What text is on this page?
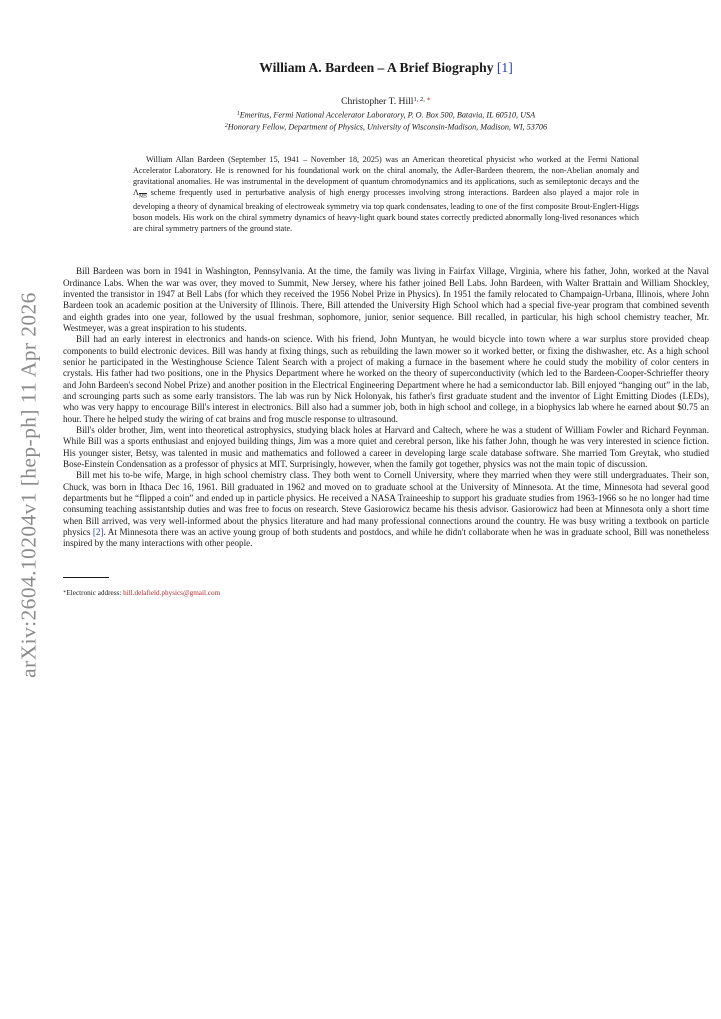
arXiv:2604.10204v1 [hep-ph] 11 Apr 2026
William A. Bardeen – A Brief Biography [1]
Christopher T. Hill$^{1, 2, ∗}$
$^1$Emeritus, Fermi National Accelerator Laboratory, P. O. Box 500, Batavia, IL 60510, USA
$^2$Honorary Fellow, Department of Physics, University of Wisconsin-Madison, Madison, WI, 53706
William Allan Bardeen (September 15, 1941 – November 18, 2025) was an American theoretical physicist who worked at the Fermi National Accelerator Laboratory. He is renowned for his foundational work on the chiral anomaly, the Adler-Bardeen theorem, the non-Abelian anomaly and gravitational anomalies. He was instrumental in the development of quantum chromodynamics and its applications, such as semileptonic decays and the $\Lambda_{\overline{MS}}$ scheme frequently used in perturbative analysis of high energy processes involving strong interactions. Bardeen also played a major role in developing a theory of dynamical breaking of electroweak symmetry via top quark condensates, leading to one of the first composite Brout-Englert-Higgs boson models. His work on the chiral symmetry dynamics of heavy-light quark bound states correctly predicted abnormally long-lived resonances which are chiral symmetry partners of the ground state.

Bill Bardeen was born in 1941 in Washington, Pennsylvania. At the time, the family was living in Fairfax Village, Virginia, where his father, John, worked at the Naval Ordinance Labs. When the war was over, they moved to Summit, New Jersey, where his father joined Bell Labs. John Bardeen, with Walter Brattain and William Shockley, invented the transistor in 1947 at Bell Labs (for which they received the 1956 Nobel Prize in Physics). In 1951 the family relocated to Champaign-Urbana, Illinois, where John Bardeen took an academic position at the University of Illinois. There, Bill attended the University High School which had a special five-year program that combined seventh and eighth grades into one year, followed by the usual freshman, sophomore, junior, senior sequence. Bill recalled, in particular, his high school chemistry teacher, Mr. Westmeyer, was a great inspiration to his students.

Bill had an early interest in electronics and hands-on science. With his friend, John Muntyan, he would bicycle into town where a war surplus store provided cheap components to build electronic devices. Bill was handy at fixing things, such as rebuilding the lawn mower so it worked better, or fixing the dishwasher, etc. As a high school senior he participated in the Westinghouse Science Talent Search with a project of making a furnace in the basement where he could study the mobility of color centers in crystals. His father had two positions, one in the Physics Department where he worked on the theory of superconductivity (which led to the Bardeen-Cooper-Schrieffer theory and John Bardeen's second Nobel Prize) and another position in the Electrical Engineering Department where he had a semiconductor lab. Bill enjoyed “hanging out” in the lab, and scrounging parts such as some early transistors. The lab was run by Nick Holonyak, his father's first graduate student and the inventor of Light Emitting Diodes (LEDs), who was very happy to encourage Bill's interest in electronics. Bill also had a summer job, both in high school and college, in a biophysics lab where he earned about $0.75 an hour. There he helped study the wiring of cat brains and frog muscle response to ultrasound.

Bill's older brother, Jim, went into theoretical astrophysics, studying black holes at Harvard and Caltech, where he was a student of William Fowler and Richard Feynman. While Bill was a sports enthusiast and enjoyed building things, Jim was a more quiet and cerebral person, like his father John, though he was very interested in science fiction. His younger sister, Betsy, was talented in music and mathematics and followed a career in developing large scale database software. She married Tom Greytak, who studied Bose-Einstein Condensation as a professor of physics at MIT. Surprisingly, however, when the family got together, physics was not the main topic of discussion.

Bill met his to-be wife, Marge, in high school chemistry class. They both went to Cornell University, where they married when they were still undergraduates. Their son, Chuck, was born in Ithaca Dec 16, 1961. Bill graduated in 1962 and moved on to graduate school at the University of Minnesota. At the time, Minnesota had several good departments but he “flipped a coin” and ended up in particle physics. He received a NASA Traineeship to support his graduate studies from 1963-1966 so he no longer had time consuming teaching assistantship duties and was free to focus on research. Steve Gasiorowicz became his thesis advisor. Gasiorowicz had been at Minnesota only a short time when Bill arrived, was very well-informed about the physics literature and had many professional connections around the country. He was busy writing a textbook on particle physics [2]. At Minnesota there was an active young group of both students and postdocs, and while he didn't collaborate when he was in graduate school, Bill was nonetheless inspired by the many interactions with other people.

∗Electronic address: hill.delafield.physics@gmail.com
